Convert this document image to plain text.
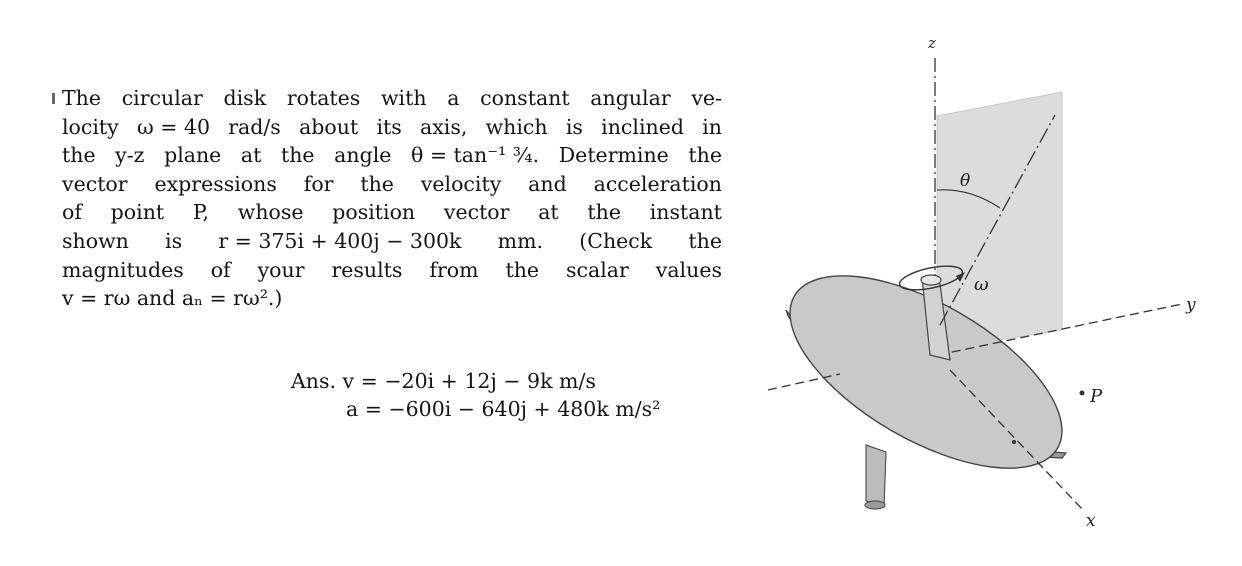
The circular disk rotates with a constant angular ve-
locity ω = 40 rad/s about its axis, which is inclined in
the y-z plane at the angle θ = tan⁻¹ ¾. Determine the
vector expressions for the velocity and acceleration
of point P, whose position vector at the instant
shown is r = 375i + 400j − 300k mm. (Check the
magnitudes of your results from the scalar values
v = rω and aₙ = rω².)
Ans. v = −20i + 12j − 9k m/s
a = −600i − 640j + 480k m/s²
θ
ω
P
z
y
x
